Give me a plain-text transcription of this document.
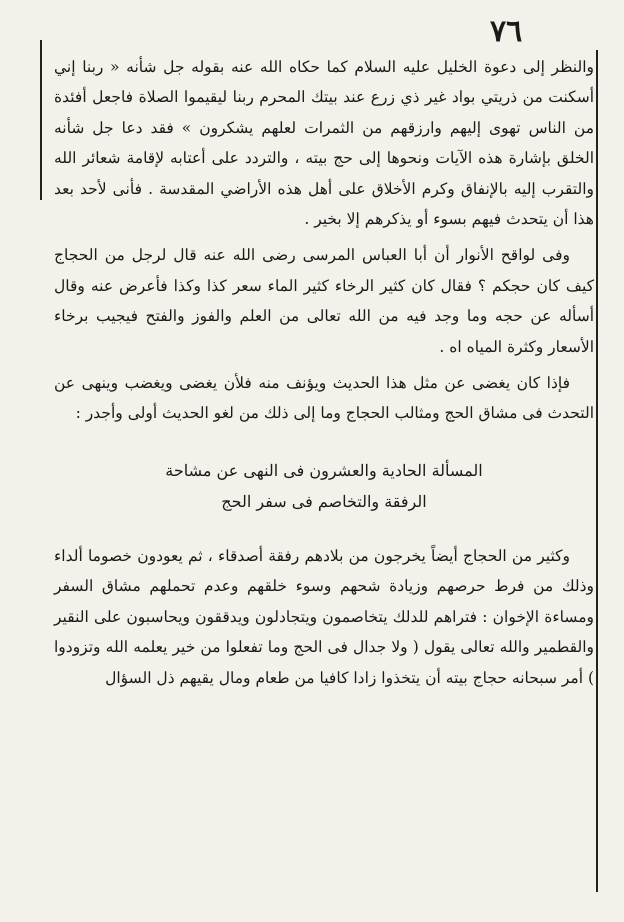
٧٦

والنظر إلى دعوة الخليل عليه السلام كما حكاه الله عنه بقوله جل شأنه « ربنا إني أسكنت من ذريتي بواد غير ذي زرع عند بيتك المحرم ربنا ليقيموا الصلاة فاجعل أفئدة من الناس تهوى إليهم وارزقهم من الثمرات لعلهم يشكرون » فقد دعا جل شأنه الخلق بإشارة هذه الآيات ونحوها إلى حج بيته ، والتردد على أعتابه لإقامة شعائر الله والتقرب إليه بالإنفاق وكرم الأخلاق على أهل هذه الأراضي المقدسة . فأنى لأحد بعد هذا أن يتحدث فيهم بسوء أو يذكرهم إلا بخير .

وفى لواقح الأنوار أن أبا العباس المرسى رضى الله عنه قال لرجل من الحجاج كيف كان حجكم ؟ فقال كان كثير الرخاء كثير الماء سعر كذا وكذا فأعرض عنه وقال أسأله عن حجه وما وجد فيه من الله تعالى من العلم والفوز والفتح فيجيب برخاء الأسعار وكثرة المياه اه .

فإذا كان يغضى عن مثل هذا الحديث ويؤنف منه فلأن يغضى ويغضب وينهى عن التحدث فى مشاق الحج ومثالب الحجاج وما إلى ذلك من لغو الحديث أولى وأجدر :

المسألة الحادية والعشرون فى النهى عن مشاحة
الرفقة والتخاصم فى سفر الحج

وكثير من الحجاج أيضاً يخرجون من بلادهم رفقة أصدقاء ، ثم يعودون خصوما ألداء وذلك من فرط حرصهم وزيادة شحهم وسوء خلقهم وعدم تحملهم مشاق السفر ومساءة الإخوان : فتراهم للدلك يتخاصمون ويتجادلون ويدققون ويحاسبون على النقير والقطمير والله تعالى يقول ( ولا جدال فى الحج وما تفعلوا من خير يعلمه الله وتزودوا ) أمر سبحانه حجاج بيته أن يتخذوا زادا كافيا من طعام ومال يقيهم ذل السؤال
